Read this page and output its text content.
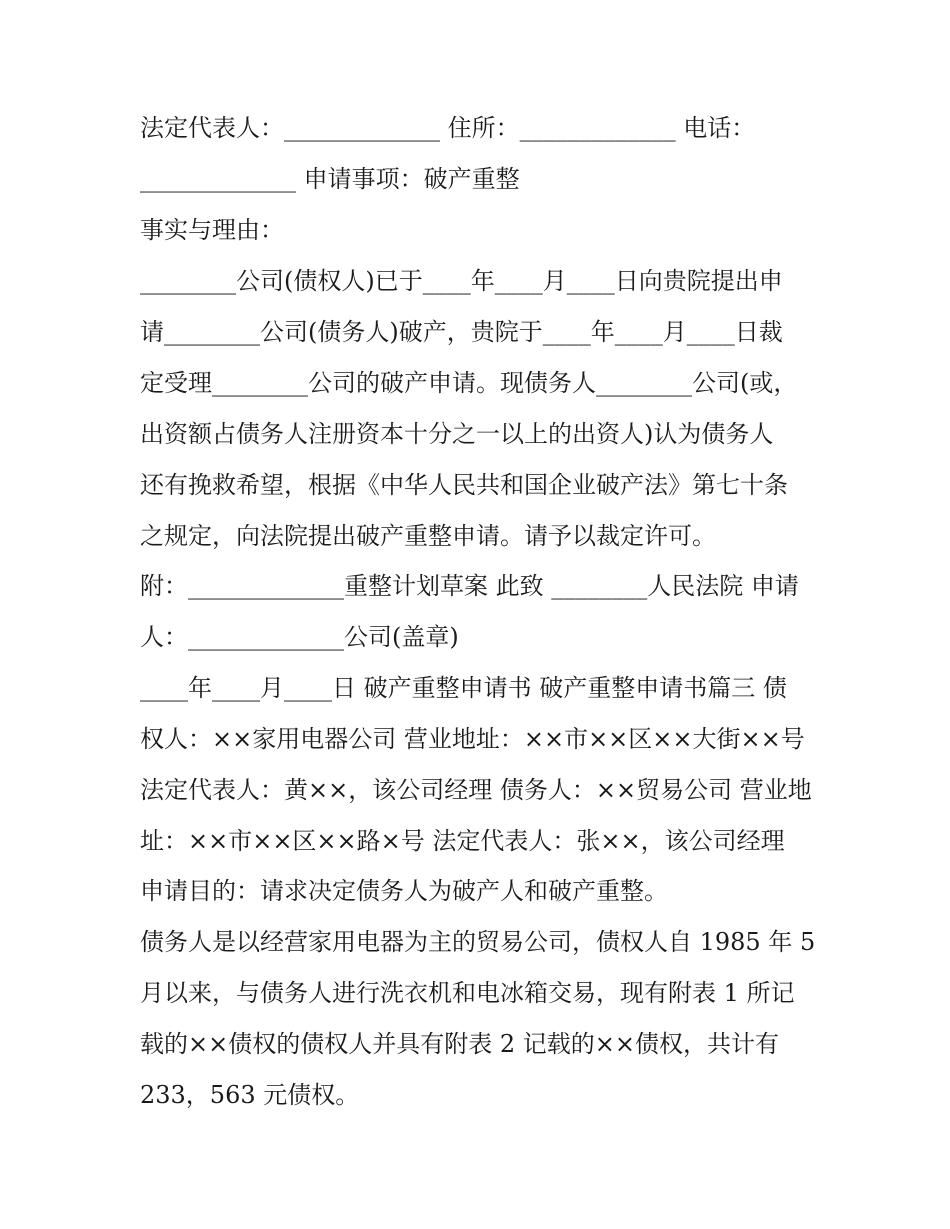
法定代表人：_____________ 住所：_____________ 电话：
_____________ 申请事项：破产重整
事实与理由：
________公司(债权人)已于____年____月____日向贵院提出申
请________公司(债务人)破产，贵院于____年____月____日裁
定受理________公司的破产申请。现债务人________公司(或，
出资额占债务人注册资本十分之一以上的出资人)认为债务人
还有挽救希望，根据《中华人民共和国企业破产法》第七十条
之规定，向法院提出破产重整申请。请予以裁定许可。
附：_____________重整计划草案 此致 ________人民法院 申请
人：_____________公司(盖章)
____年____月____日 破产重整申请书 破产重整申请书篇三 债
权人：××家用电器公司 营业地址：××市××区××大街××号
法定代表人：黄××，该公司经理 债务人：××贸易公司 营业地
址：××市××区××路×号 法定代表人：张××，该公司经理
申请目的：请求决定债务人为破产人和破产重整。
债务人是以经营家用电器为主的贸易公司，债权人自 1985 年 5
月以来，与债务人进行洗衣机和电冰箱交易，现有附表 1 所记
载的××债权的债权人并具有附表 2 记载的××债权，共计有
233，563 元债权。
